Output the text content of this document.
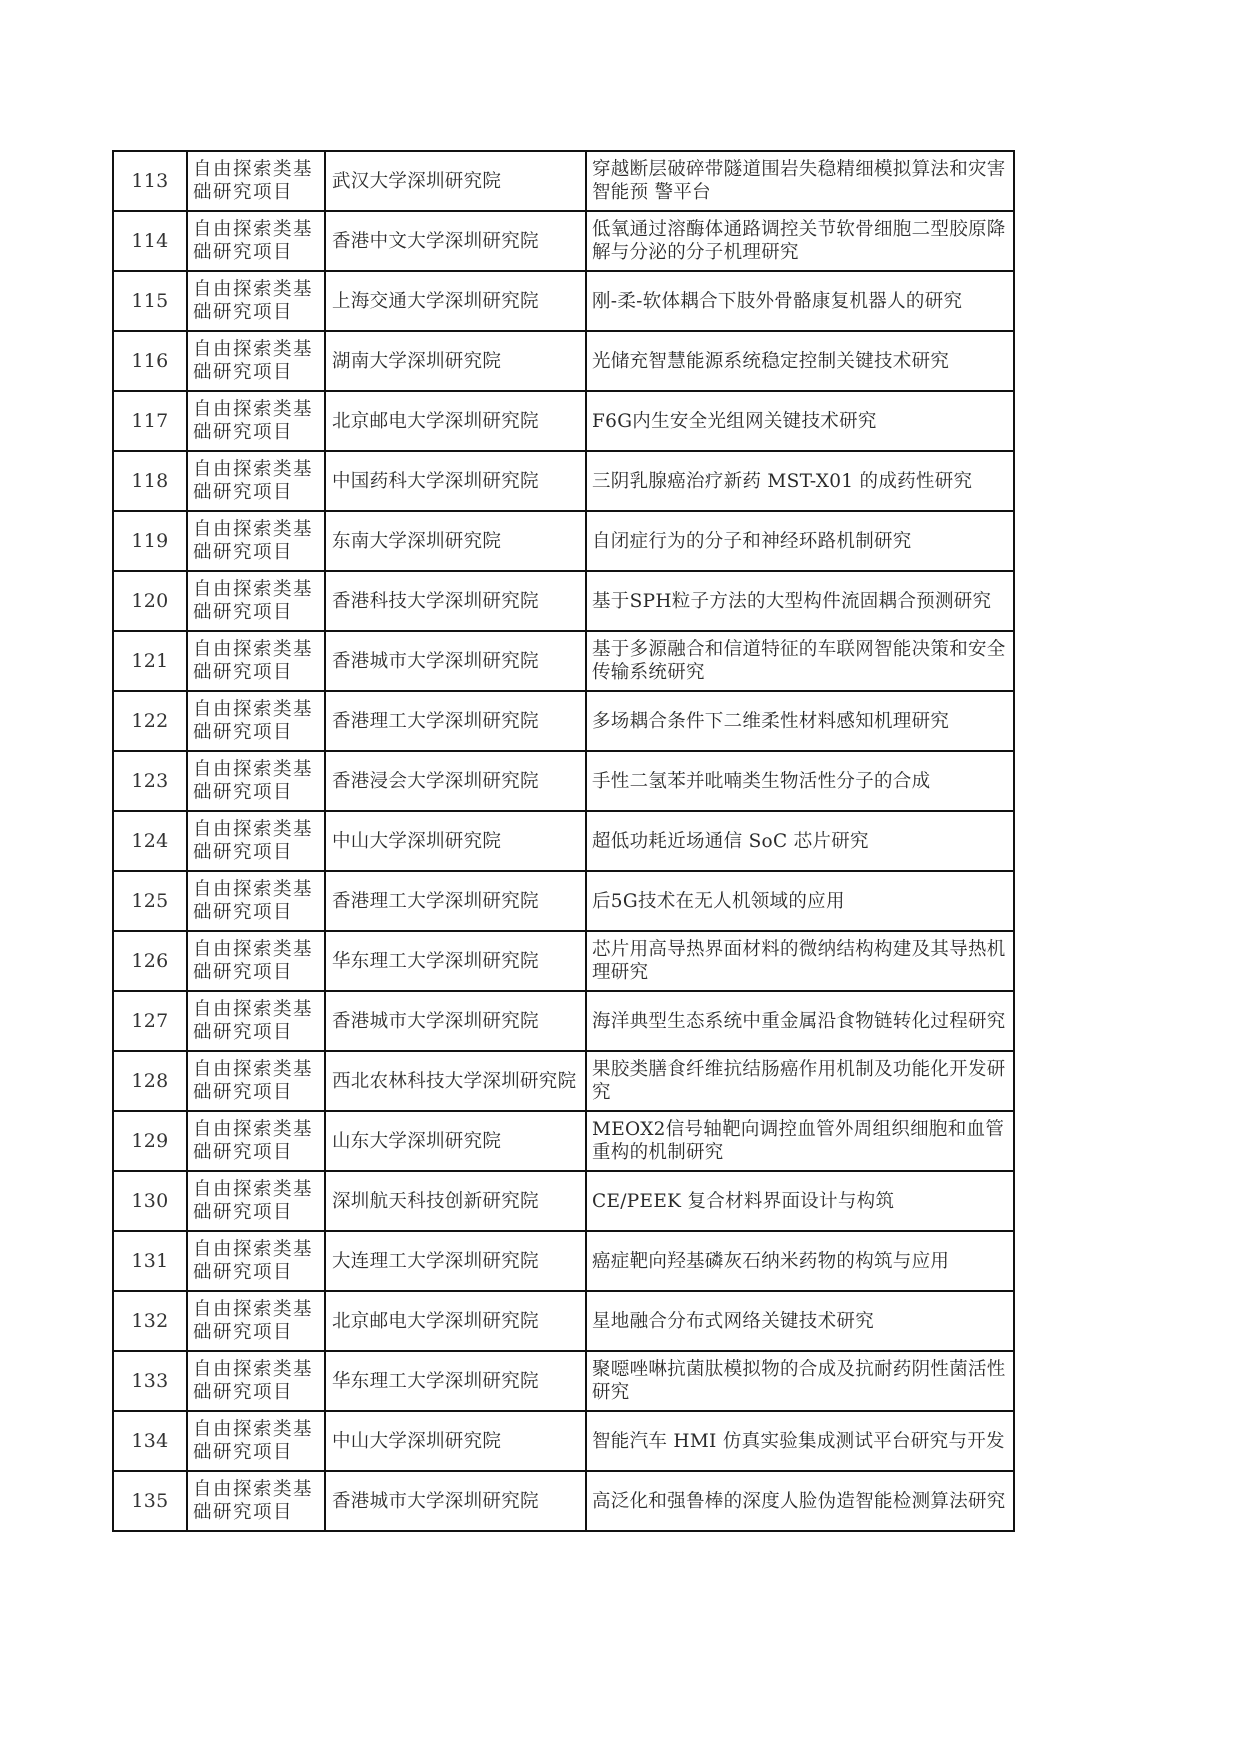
113	自由探索类基础研究项目	武汉大学深圳研究院	穿越断层破碎带隧道围岩失稳精细模拟算法和灾害智能预 警平台
114	自由探索类基础研究项目	香港中文大学深圳研究院	低氧通过溶酶体通路调控关节软骨细胞二型胶原降解与分泌的分子机理研究
115	自由探索类基础研究项目	上海交通大学深圳研究院	刚-柔-软体耦合下肢外骨骼康复机器人的研究
116	自由探索类基础研究项目	湖南大学深圳研究院	光储充智慧能源系统稳定控制关键技术研究
117	自由探索类基础研究项目	北京邮电大学深圳研究院	F6G内生安全光组网关键技术研究
118	自由探索类基础研究项目	中国药科大学深圳研究院	三阴乳腺癌治疗新药 MST-X01 的成药性研究
119	自由探索类基础研究项目	东南大学深圳研究院	自闭症行为的分子和神经环路机制研究
120	自由探索类基础研究项目	香港科技大学深圳研究院	基于SPH粒子方法的大型构件流固耦合预测研究
121	自由探索类基础研究项目	香港城市大学深圳研究院	基于多源融合和信道特征的车联网智能决策和安全传输系统研究
122	自由探索类基础研究项目	香港理工大学深圳研究院	多场耦合条件下二维柔性材料感知机理研究
123	自由探索类基础研究项目	香港浸会大学深圳研究院	手性二氢苯并吡喃类生物活性分子的合成
124	自由探索类基础研究项目	中山大学深圳研究院	超低功耗近场通信 SoC 芯片研究
125	自由探索类基础研究项目	香港理工大学深圳研究院	后5G技术在无人机领域的应用
126	自由探索类基础研究项目	华东理工大学深圳研究院	芯片用高导热界面材料的微纳结构构建及其导热机理研究
127	自由探索类基础研究项目	香港城市大学深圳研究院	海洋典型生态系统中重金属沿食物链转化过程研究
128	自由探索类基础研究项目	西北农林科技大学深圳研究院	果胶类膳食纤维抗结肠癌作用机制及功能化开发研究
129	自由探索类基础研究项目	山东大学深圳研究院	MEOX2信号轴靶向调控血管外周组织细胞和血管重构的机制研究
130	自由探索类基础研究项目	深圳航天科技创新研究院	CE/PEEK 复合材料界面设计与构筑
131	自由探索类基础研究项目	大连理工大学深圳研究院	癌症靶向羟基磷灰石纳米药物的构筑与应用
132	自由探索类基础研究项目	北京邮电大学深圳研究院	星地融合分布式网络关键技术研究
133	自由探索类基础研究项目	华东理工大学深圳研究院	聚噁唑啉抗菌肽模拟物的合成及抗耐药阴性菌活性研究
134	自由探索类基础研究项目	中山大学深圳研究院	智能汽车 HMI 仿真实验集成测试平台研究与开发
135	自由探索类基础研究项目	香港城市大学深圳研究院	高泛化和强鲁棒的深度人脸伪造智能检测算法研究
